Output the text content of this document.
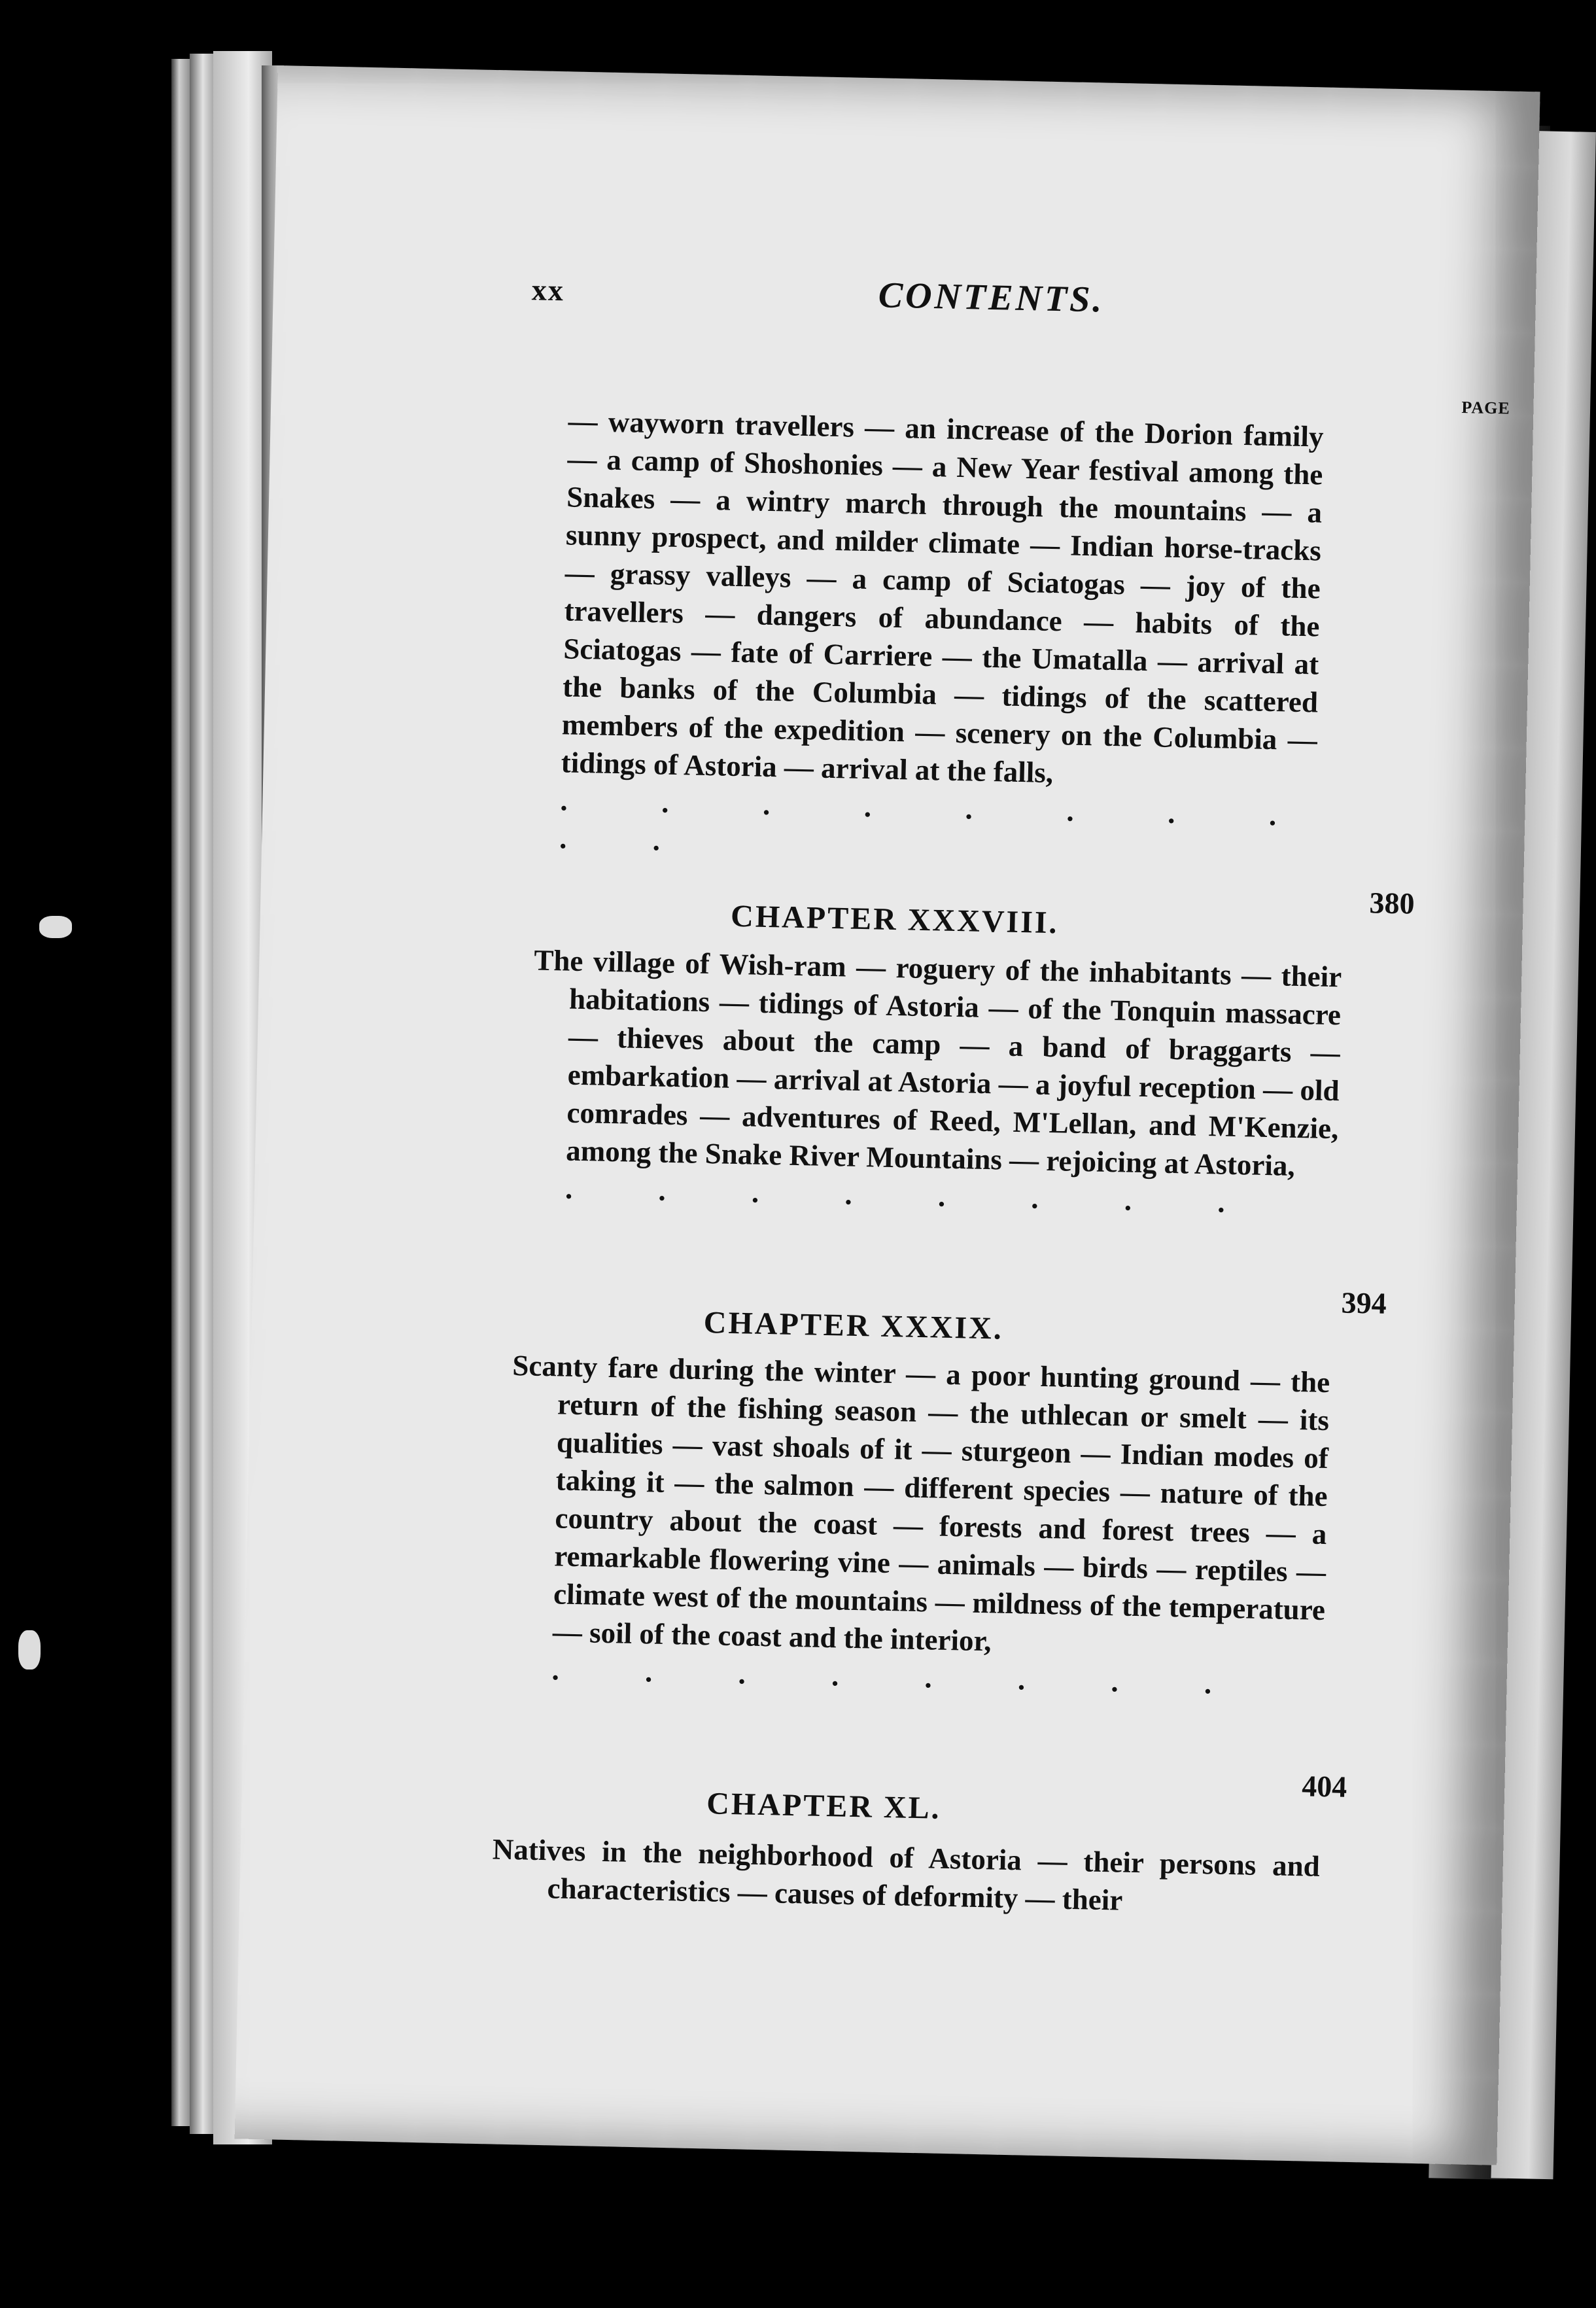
xx	CONTENTS.
PAGE
— wayworn travellers — an increase of the Dorion family — a camp of Shoshonies — a New Year festival among the Snakes — a wintry march through the mountains — a sunny prospect, and milder climate — Indian horse-tracks — grassy valleys — a camp of Sciatogas — joy of the travellers — dangers of abundance — habits of the Sciatogas — fate of Carriere — the Umatalla — arrival at the banks of the Columbia — tidings of the scattered members of the expedition — scenery on the Columbia — tidings of Astoria — arrival at the falls,
. . . . . . . . . .
380
CHAPTER XXXVIII.
The village of Wish-ram — roguery of the inhabitants — their habitations — tidings of Astoria — of the Tonquin massacre — thieves about the camp — a band of braggarts — embarkation — arrival at Astoria — a joyful reception — old comrades — adventures of Reed, M'Lellan, and M'Kenzie, among the Snake River Mountains — rejoicing at Astoria,
. . . . . . . .
394
CHAPTER XXXIX.
Scanty fare during the winter — a poor hunting ground — the return of the fishing season — the uthlecan or smelt — its qualities — vast shoals of it — sturgeon — Indian modes of taking it — the salmon — different species — nature of the country about the coast — forests and forest trees — a remarkable flowering vine — animals — birds — reptiles — climate west of the mountains — mildness of the temperature — soil of the coast and the interior,
. . . . . . . .
404
CHAPTER XL.
Natives in the neighborhood of Astoria — their persons and characteristics — causes of deformity — their
